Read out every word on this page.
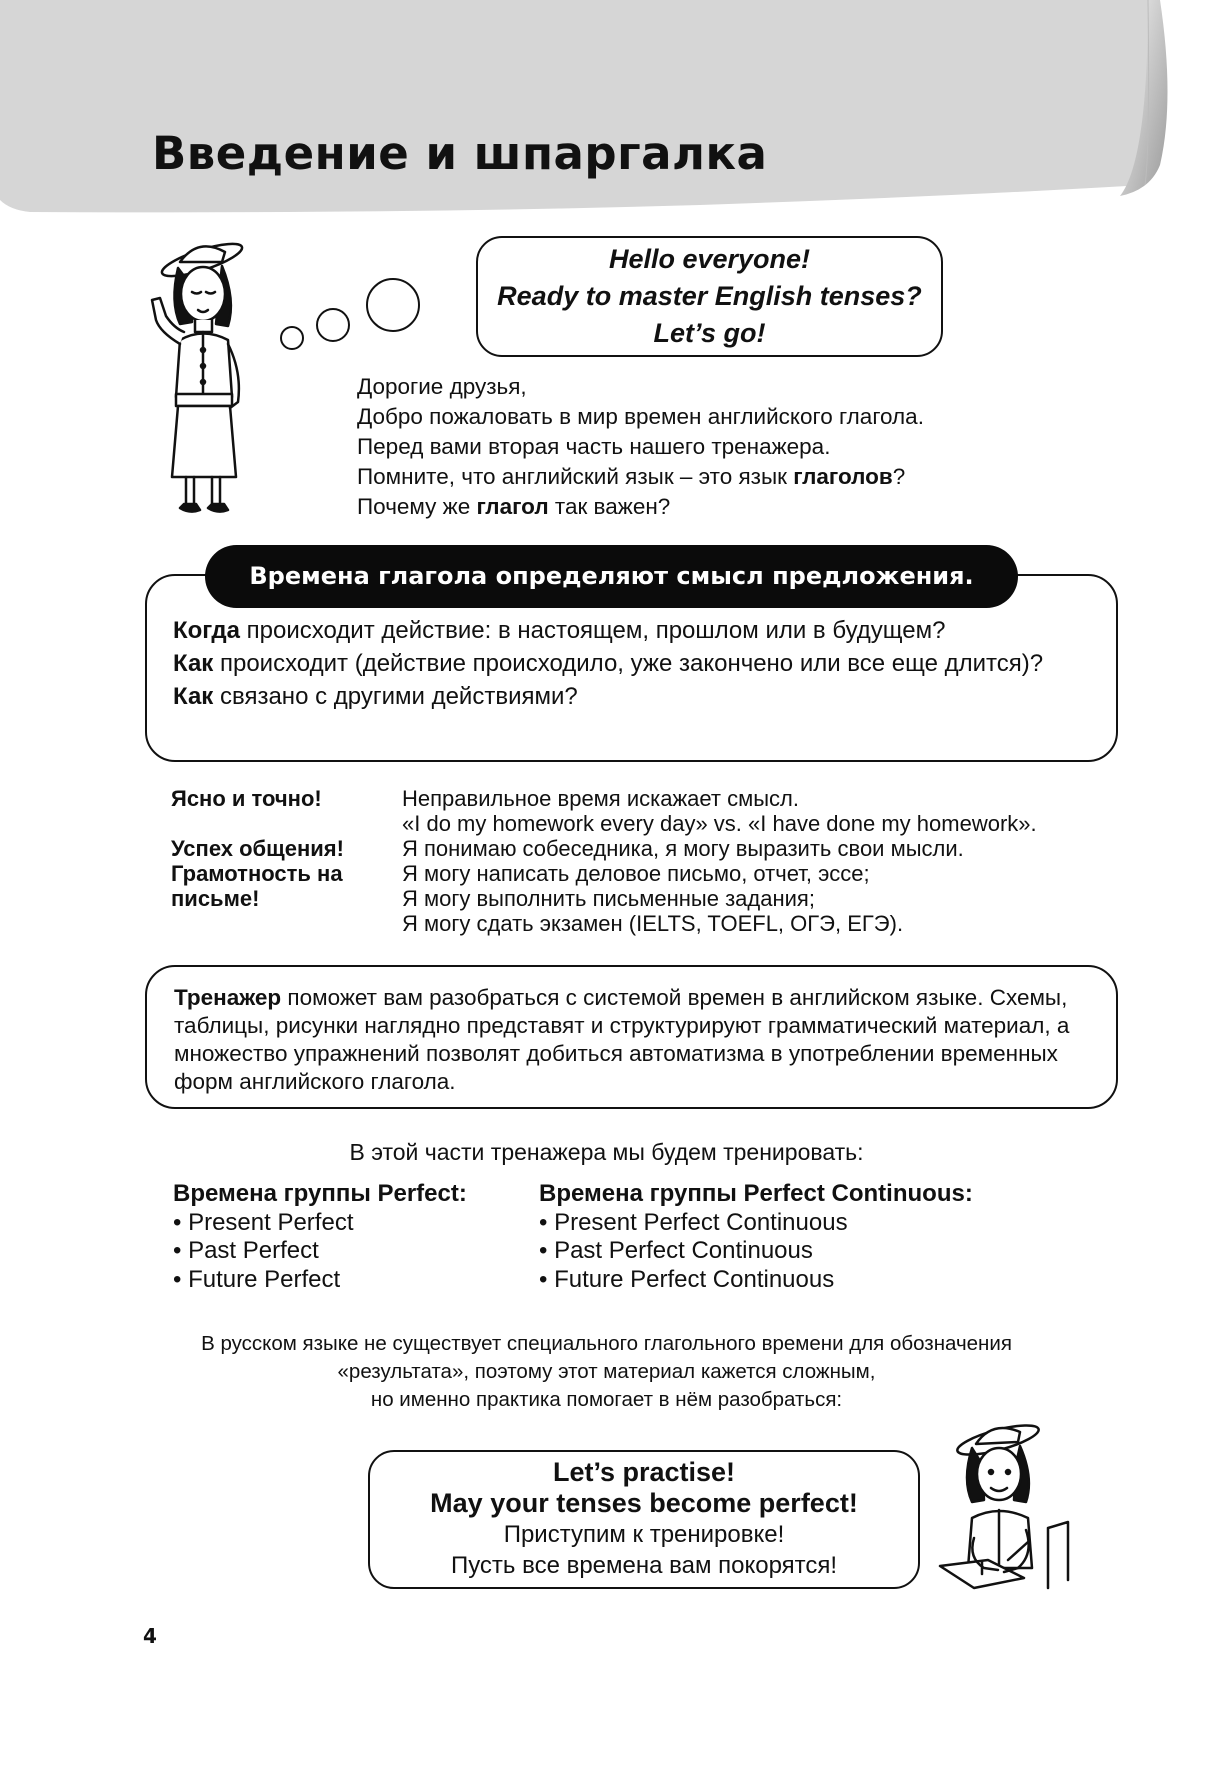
Введение и шпаргалка
Hello everyone!
Ready to master English tenses?
Let’s go!
Дорогие друзья,
Добро пожаловать в мир времен английского глагола.
Перед вами вторая часть нашего тренажера.
Помните, что английский язык – это язык глаголов?
Почему же глагол так важен?
Времена глагола определяют смысл предложения.
Когда происходит действие: в настоящем, прошлом или в будущем?
Как происходит (действие происходило, уже закончено или все еще длится)?
Как связано с другими действиями?
Ясно и точно!
Успех общения!
Грамотность на
письме!
Неправильное время искажает смысл.
«I do my homework every day» vs. «I have done my homework».
Я понимаю собеседника, я могу выразить свои мысли.
Я могу написать деловое письмо, отчет, эссе;
Я могу выполнить письменные задания;
Я могу сдать экзамен (IELTS, TOEFL, ОГЭ, ЕГЭ).
Тренажер поможет вам разобраться с системой времен в английском языке. Схемы, таблицы, рисунки наглядно представят и структурируют грамматический материал, а множество упражнений позволят добиться автоматизма в употреблении временных форм английского глагола.
В этой части тренажера мы будем тренировать:
Времена группы Perfect:
• Present Perfect
• Past Perfect
• Future Perfect
Времена группы Perfect Continuous:
• Present Perfect Continuous
• Past Perfect Continuous
• Future Perfect Continuous
В русском языке не существует специального глагольного времени для обозначения
«результата», поэтому этот материал кажется сложным,
но именно практика помогает в нём разобраться:
Let’s practise!
May your tenses become perfect!
Приступим к тренировке!
Пусть все времена вам покорятся!
4
